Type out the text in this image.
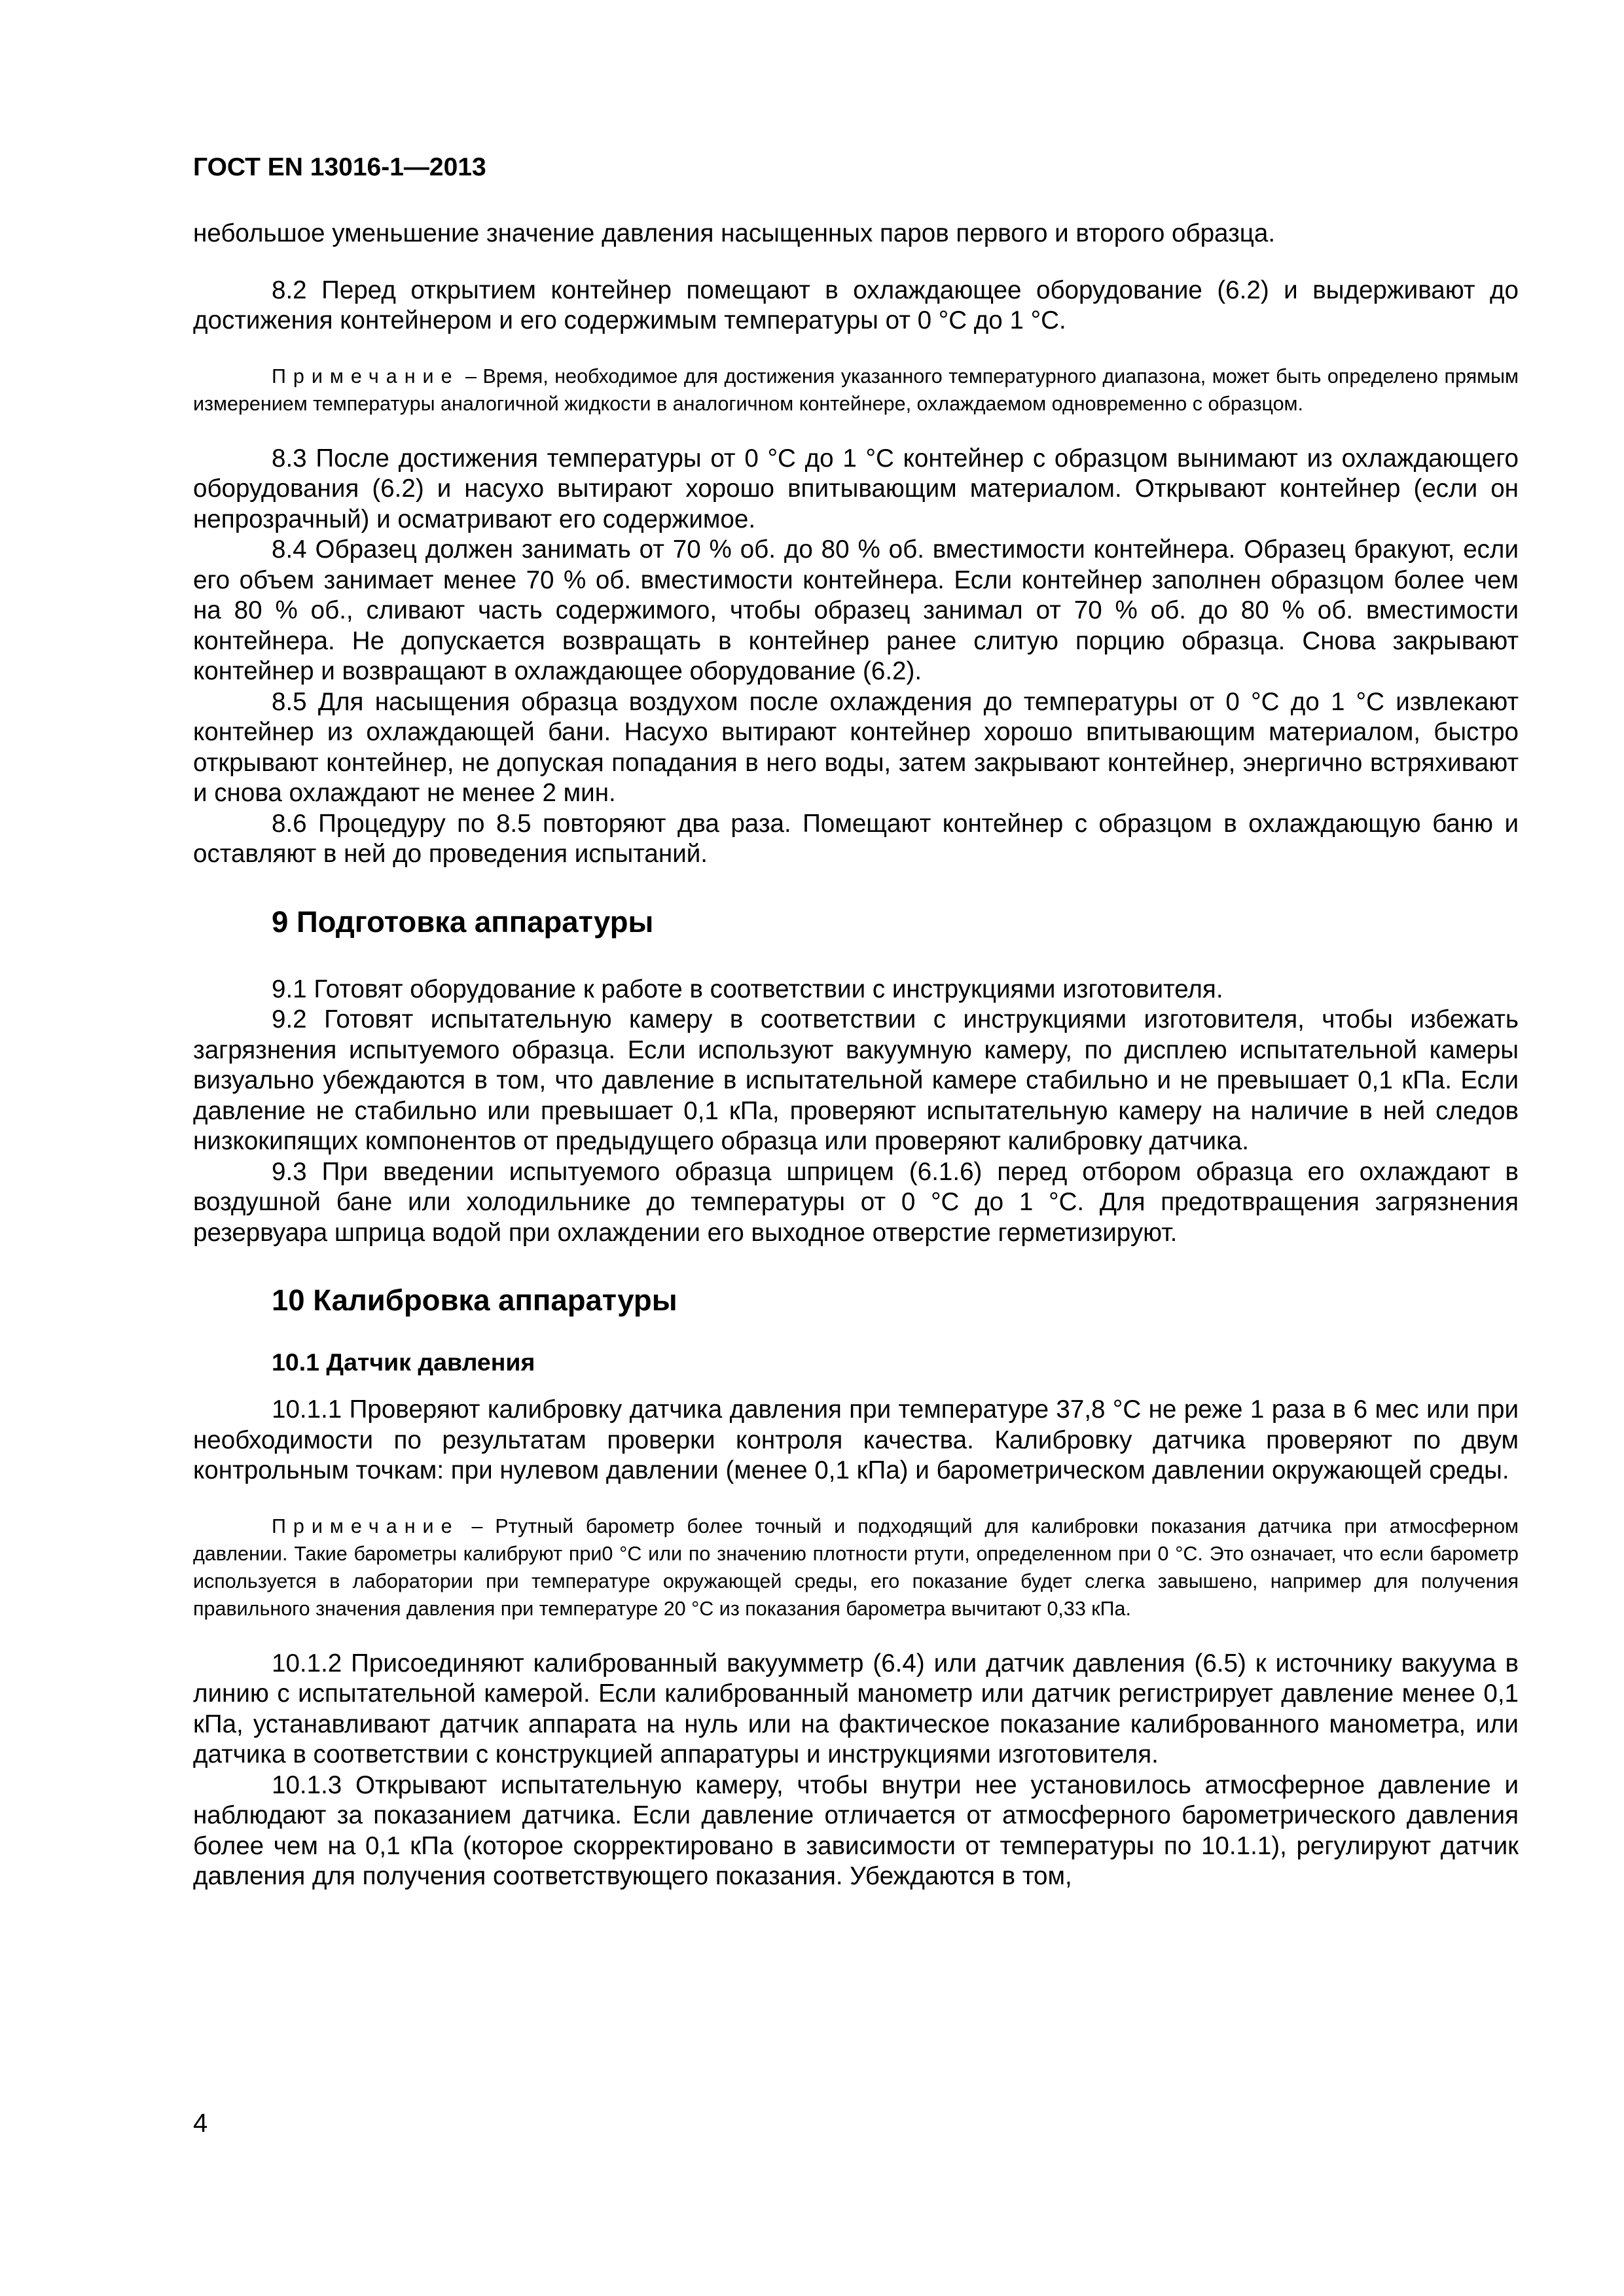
ГОСТ EN 13016-1—2013

небольшое уменьшение значение давления насыщенных паров первого и второго образца.

8.2 Перед открытием контейнер помещают в охлаждающее оборудование (6.2) и выдерживают до достижения контейнером и его содержимым температуры от 0 °С до 1 °С.

Примечание – Время, необходимое для достижения указанного температурного диапазона, может быть определено прямым измерением температуры аналогичной жидкости в аналогичном контейнере, охлаждаемом одновременно с образцом.

8.3 После достижения температуры от 0 °С до 1 °С контейнер с образцом вынимают из охлаждающего оборудования (6.2) и насухо вытирают хорошо впитывающим материалом. Открывают контейнер (если он непрозрачный) и осматривают его содержимое.

8.4 Образец должен занимать от 70 % об. до 80 % об. вместимости контейнера. Образец бракуют, если его объем занимает менее 70 % об. вместимости контейнера. Если контейнер заполнен образцом более чем на 80 % об., сливают часть содержимого, чтобы образец занимал от 70 % об. до 80 % об. вместимости контейнера. Не допускается возвращать в контейнер ранее слитую порцию образца. Снова закрывают контейнер и возвращают в охлаждающее оборудование (6.2).

8.5 Для насыщения образца воздухом после охлаждения до температуры от 0 °С до 1 °С извлекают контейнер из охлаждающей бани. Насухо вытирают контейнер хорошо впитывающим материалом, быстро открывают контейнер, не допуская попадания в него воды, затем закрывают контейнер, энергично встряхивают и снова охлаждают не менее 2 мин.

8.6 Процедуру по 8.5 повторяют два раза. Помещают контейнер с образцом в охлаждающую баню и оставляют в ней до проведения испытаний.

9 Подготовка аппаратуры

9.1 Готовят оборудование к работе в соответствии с инструкциями изготовителя.

9.2 Готовят испытательную камеру в соответствии с инструкциями изготовителя, чтобы избежать загрязнения испытуемого образца. Если используют вакуумную камеру, по дисплею испытательной камеры визуально убеждаются в том, что давление в испытательной камере стабильно и не превышает 0,1 кПа. Если давление не стабильно или превышает 0,1 кПа, проверяют испытательную камеру на наличие в ней следов низкокипящих компонентов от предыдущего образца или проверяют калибровку датчика.

9.3 При введении испытуемого образца шприцем (6.1.6) перед отбором образца его охлаждают в воздушной бане или холодильнике до температуры от 0 °С до 1 °С. Для предотвращения загрязнения резервуара шприца водой при охлаждении его выходное отверстие герметизируют.

10 Калибровка аппаратуры
10.1 Датчик давления

10.1.1 Проверяют калибровку датчика давления при температуре 37,8 °С не реже 1 раза в 6 мес или при необходимости по результатам проверки контроля качества. Калибровку датчика проверяют по двум контрольным точкам: при нулевом давлении (менее 0,1 кПа) и барометрическом давлении окружающей среды.

Примечание – Ртутный барометр более точный и подходящий для калибровки показания датчика при атмосферном давлении. Такие барометры калибруют при0 °С или по значению плотности ртути, определенном при 0 °С. Это означает, что если барометр используется в лаборатории при температуре окружающей среды, его показание будет слегка завышено, например для получения правильного значения давления при температуре 20 °С из показания барометра вычитают 0,33 кПа.

10.1.2 Присоединяют калиброванный вакуумметр (6.4) или датчик давления (6.5) к источнику вакуума в линию с испытательной камерой. Если калиброванный манометр или датчик регистрирует давление менее 0,1 кПа, устанавливают датчик аппарата на нуль или на фактическое показание калиброванного манометра, или датчика в соответствии с конструкцией аппаратуры и инструкциями изготовителя.

10.1.3 Открывают испытательную камеру, чтобы внутри нее установилось атмосферное давление и наблюдают за показанием датчика. Если давление отличается от атмосферного барометрического давления более чем на 0,1 кПа (которое скорректировано в зависимости от температуры по 10.1.1), регулируют датчик давления для получения соответствующего показания. Убеждаются в том,

4
